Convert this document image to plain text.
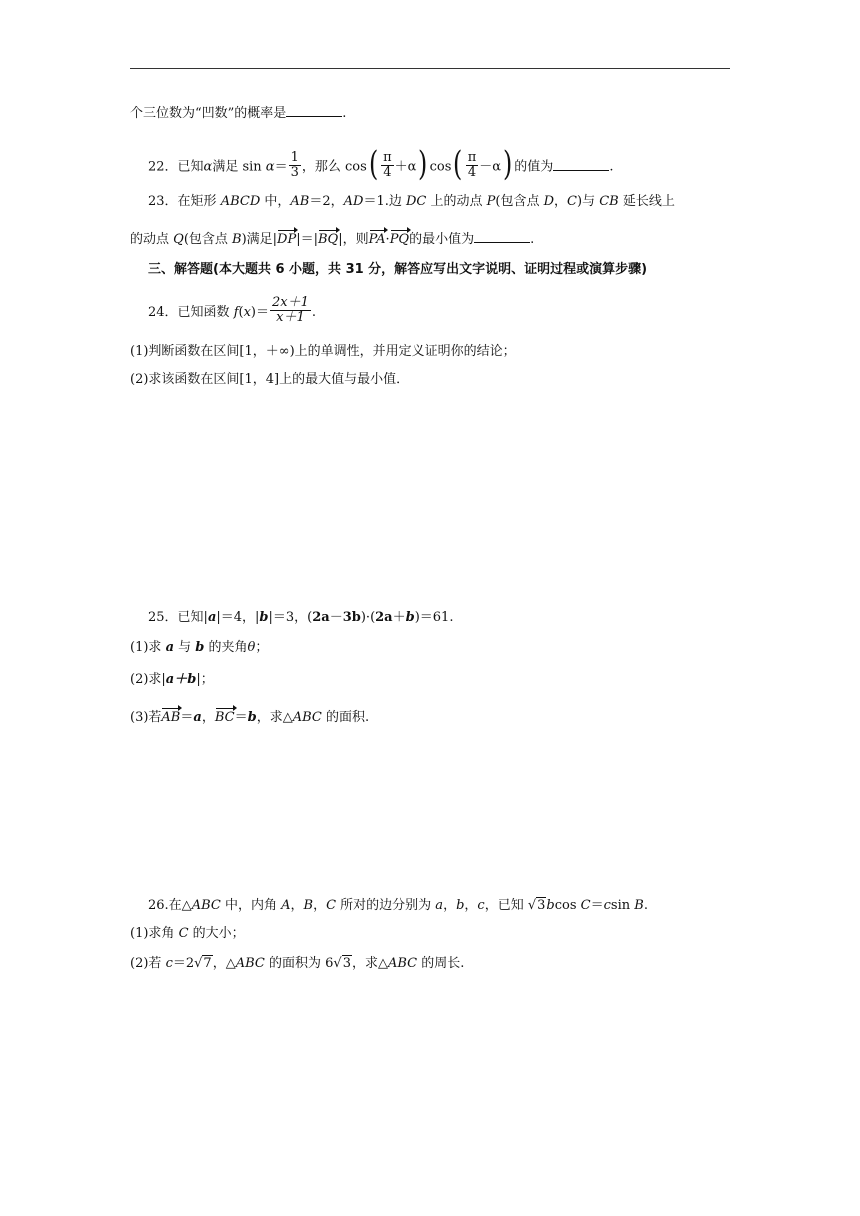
个三位数为“凹数”的概率是	.
22．已知α满足 $\sin \alpha= \frac{1}{3}$ ，那么 $\cos( \frac{\pi}{4} +\alpha)$ $\cos( \frac{\pi}{4} -\alpha)$ 的值为	.
23．在矩形 ABCD 中，AB＝2，AD＝1.边 DC 上的动点 P(包含点 D，C)与 CB 延长线上
的动点 Q(包含点 B)满足|DP|＝|BQ|，则PA·PQ的最小值为	.
三、解答题(本大题共 6 小题，共 31 分，解答应写出文字说明、证明过程或演算步骤)
24．已知函数 $f(x)= \frac{2x+1}{x+1}$ .
(1)判断函数在区间[1，＋∞)上的单调性，并用定义证明你的结论；
(2)求该函数在区间[1，4]上的最大值与最小值．
25．已知|a|＝4，|b|＝3，(2a－3b)·(2a＋b)＝61.
(1)求 a 与 b 的夹角θ；
(2)求|a＋b|；
(3)若AB＝a，BC＝b，求△ABC 的面积.
26.在△ABC 中，内角 A，B，C 所对的边分别为 a，b，c，已知 √3bcos C＝csin B.
(1)求角 C 的大小；
(2)若 c＝2√7，△ABC 的面积为 6√3，求△ABC 的周长.
